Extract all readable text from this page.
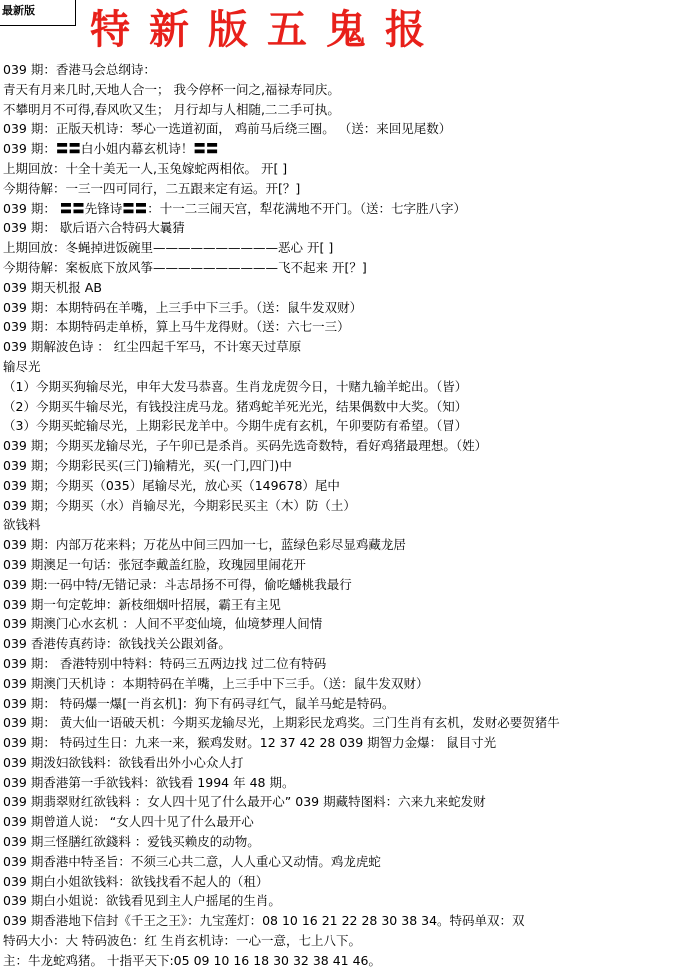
最新版 特新版五鬼报
039 期：香港马会总纲诗：
青天有月来几时,天地人合一； 我今停杯一问之,福禄寿同庆。
不攀明月不可得,春风吹又生； 月行却与人相随,二二手可执。
039 期：正版天机诗：琴心一选道初面， 鸡前马后绕三圈。 （送：来回见尾数）
039 期：〓〓白小姐内幕玄机诗！〓〓
上期回放：十全十美无一人,玉兔嫁蛇两相依。 开[ ]
今期待解：一三一四可同行，二五跟来定有运。开[？]
039 期： 〓〓先锋诗〓〓：十一二三闹天宫，犁花满地不开门。（送：七字胜八字）
039 期： 歇后语六合特码大曩猜
上期回放：冬蝇掉进饭碗里——————————恶心 开[ ]
今期待解：案板底下放风筝——————————飞不起来 开[？]
039 期天机报 AB
039 期：本期特码在羊嘴，上三手中下三手。（送：鼠牛发双财）
039 期：本期特码走单桥，算上马牛龙得财。（送：六七一三）
039 期解波色诗 ： 红尘四起千军马，不计寒天过草原
输尽光
（1）今期买狗输尽光，申年大发马恭喜。生肖龙虎贺今日，十赌九输羊蛇出。（皆）
（2）今期买牛输尽光，有钱投注虎马龙。猪鸡蛇羊死光光，结果偶数中大奖。（知）
（3）今期买蛇输尽光，上期彩民龙羊中。今期牛虎有玄机，午卯要防有希望。（冒）
039 期；今期买龙输尽光，子午卯已是杀肖。买码先选奇数特，看好鸡猪最理想。（姓）
039 期；今期彩民买(三门)输精光，买(一门,四门)中
039 期；今期买（035）尾输尽光，放心买（149678）尾中
039 期；今期买（水）肖输尽光，今期彩民买主（木）防（土）
欲钱料
039 期：内部万花来料；万花丛中间三四加一七，蓝绿色彩尽显鸡藏龙居
039 期澳足一句话：张冠李戴盖红脸，玫瑰园里闹花开
039 期:一码中特/无错记录：斗志昂扬不可得，偷吃蟠桃我最行
039 期一句定乾坤：新枝细烟叶招展，霸王有主见
039 期澳门心水玄机 ：人间不平変仙境，仙境梦理人间情
039 香港传真药诗：欲钱找关公跟刘备。
039 期： 香港特别中特料：特码三五两边找 过二位有特码
039 期澳门天机诗 ：本期特码在羊嘴，上三手中下三手。（送：鼠牛发双财）
039 期： 特码爆一爆[一肖玄机]：狗下有码寻红气，鼠羊马蛇是特码。
039 期： 黄大仙一语破天机：今期买龙输尽光，上期彩民龙鸡奖。三门生肖有玄机，发财必要贺猪牛
039 期： 特码过生日：九来一来，猴鸡发财。12 37 42 28 039 期智力金爆： 鼠目寸光
039 期泼妇欲钱料：欲钱看出外小心众人打
039 期香港第一手欲钱料：欲钱看 1994 年 48 期。
039 期翡翠财红欲钱料 ：女人四十见了什么最开心” 039 期藏特图料：六来九来蛇发财
039 期曾道人说： “女人四十见了什么最开心
039 期三怪膳红欲錢料 ：爱钱买赖皮的动物。
039 期香港中特圣旨：不须三心共二意，人人重心又动情。鸡龙虎蛇
039 期白小姐欲钱料：欲钱找看不起人的（租）
039 期白小姐说：欲钱看见到主人户摇尾的生肖。
039 期香港地下信封《千王之王》：九宝莲灯：08 10 16 21 22 28 30 38 34。特码单双：双
特码大小：大 特码波色：红 生肖玄机诗：一心一意，七上八下。
主：牛龙蛇鸡猪。 十指平天下:05 09 10 16 18 30 32 38 41 46。
